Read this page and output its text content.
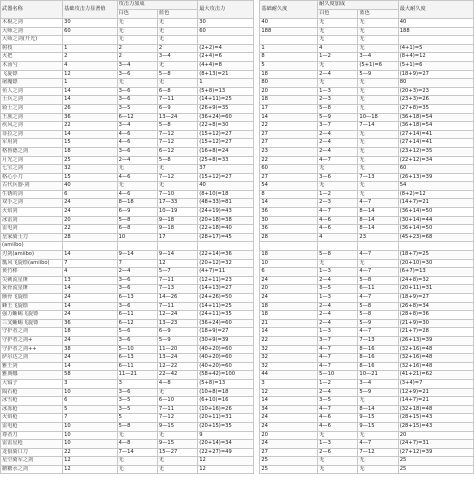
武器名称	基础攻击力显著值	攻击力加成		最大攻击力		基础耐久度	耐久度加成		最大耐久度
		白色	蓝色				白色	蓝色	
木棍之剑	30	无	无	30		40	无	无	40
大师之剑	60	无	无	60		188	无	无	188
大师之剑(开光)		无	无				无	无	
树枝	1	2	2	(2+2)=4		1	4	无	(4+1)=5
火把	2	2	3—4	(2+4)=6		8	1—2	3—4	(8+4)=12
木汤勺	4	3—4	无	(4+4)=8		5	无	(5+1)=6	(5+1)=6
飞旋镖	12	3—6	5—8	(8+13)=21		18	2—4	5—9	(18+9)=27
屠魔镖	1	无	无	1		80	无	无	80
鱼人之剑	14	3—6	6—8	(5+8)=13		20	1—3	无	(20+3)=23
士兵之剑	14	3—6	7—11	(14+11)=25		18	2—3	无	(23+3)=26
骑士之剑	26	3—5	6—9	(26+9)=35		17	5—8	无	(27+8)=35
王族之剑	36	6—12	13—24	(36+24)=60		14	5—9	10—18	(36+18)=54
疾风之剑	22	3—4	5—8	(22+8)=30		22	3—7	7—14	(36+18)=54
菲拉之剑	14	4—6	7—12	(15+12)=27		27	2—4	无	(27+14)=41
军用剑	15	4—6	7—12	(15+12)=27		27	2—4	无	(27+14)=41
格鲁德之剑	18	3—6	6—12	(16+8)=24		23	2—4	无	(23+12)=35
月光之剑	25	2—4	5—8	(25+8)=33		22	4—7	无	(22+12)=34
七宝之剑	32	无	无	37		60	无	无	60
格心小刀	15	4—6	7—12	(15+12)=27		27	3—6	7—13	(26+13)=39
古代兵器·剑	40	无	无	40		54	无	无	54
生锈的剑	6	4—6	7—10	(8+10)=18		8	1—2	无	(8+2)=12
双手之剑	24	8—18	17—33	(48+33)=81		14	2—3	4—7	(14+7)=21
火焰剑	24	6—9	10—19	(24+19)=43		36	4—7	8—14	(36+14)=50
冰雷剑	20	5—8	9—18	(20+18)=38		30	4—6	8—14	(30+14)=44
雷电剑	22	6—8	9—18	(22+18)=40		36	4—6	8—14	(36+14)=50
皇家骑士刀	28	10	17	(28+17)=45		28	4	23	(45+23)=68
(amiibo)									
刃剑(amiibo)	14	9—14	9—14	(22+14)=36		18	5—8	4—7	(18+7)=25
瓢风飞旋镖(amiibo)	7	7	12	(20+12)=32		10	无	无	(20+10)=30
黄竹棒	4	2—4	5—7	(4+7)=11		6	1—3	4—7	(6+7)=13
尖刺流星锤	13	3—6	7—11	(12+11)=23		24	2—4	5—8	(24+8)=32
灰骨流星锤	14	3—6	7—13	(14+13)=27		20	3—5	6—11	(20+11)=31
骸骨飞旋镖	24	6—13	14—26	(24+26)=50		24	1—3	4—7	(18+9)=27
蜂王飞旋镖	14	3—6	7—11	(14+11)=25		18	2—4	5—8	(26+8)=34
强力蜥蜴飞旋镖	24	6—11	12—24	(24+11)=35		18	2—4	5—8	(28+8)=36
三叉蜥蜴飞旋镖	36	6—12	13—23	(36+24)=60		21	2—4	5—9	(21+9)=30
守护者之剑	18	5—6	6—9	(18+9)=27		14	1—3	4—7	(21+7)=28
守护者之剑+	24	3—6	5—9	(30+9)=39		22	3—7	7—13	(26+13)=39
守护者之剑++	38	5—10	11—20	(40+20)=60		32	4—7	8—16	(32+16)=48
萨尔达之剑	24	6—13	13—24	(40+20)=60		32	4—7	8—16	(32+16)=48
雅王剑	14	6—11	12—22	(40+20)=60		32	4—7	8—16	(32+16)=48
雅典娜	58	11—21	22—42	(58+42)=100		44	5—10	10—21	(41+21)=62
大镐子	3	3	4—8	(5+8)=13		3	1—2	3—4	(3+4)=7
陨石枪	10	3—6	无	(10+8)=18		12	2—4	5—9	(12+9)=21
冰雪枪	6	3—5	6—10	(6+10)=16		14	3—5	无	(14+7)=21
冰冻枪	5	3—5	7—11	(10+16)=26		34	4—7	8—14	(32+18)=48
火焰枪	7	5	7—12	(20+11)=31		24	4—6	9—15	(28+15)=43
雷电枪	10	5—8	9—15	(20+15)=35		24	4—6	9—15	(28+15)=43
尊者刀	10	无	无	9		20	无	无	20
雷雷星枪	10	4—8	9—15	(20+14)=34		24	1—3	4—7	(24+7)=31
龙狼骑口刀	22	7—14	15—27	(22+27)=49		27	2—6	7—12	(27+12)=39
星空骑军之剑	12	无	无	12		25	无	无	25
糖糖水之剑	12	无	无	12		25	无	无	25
